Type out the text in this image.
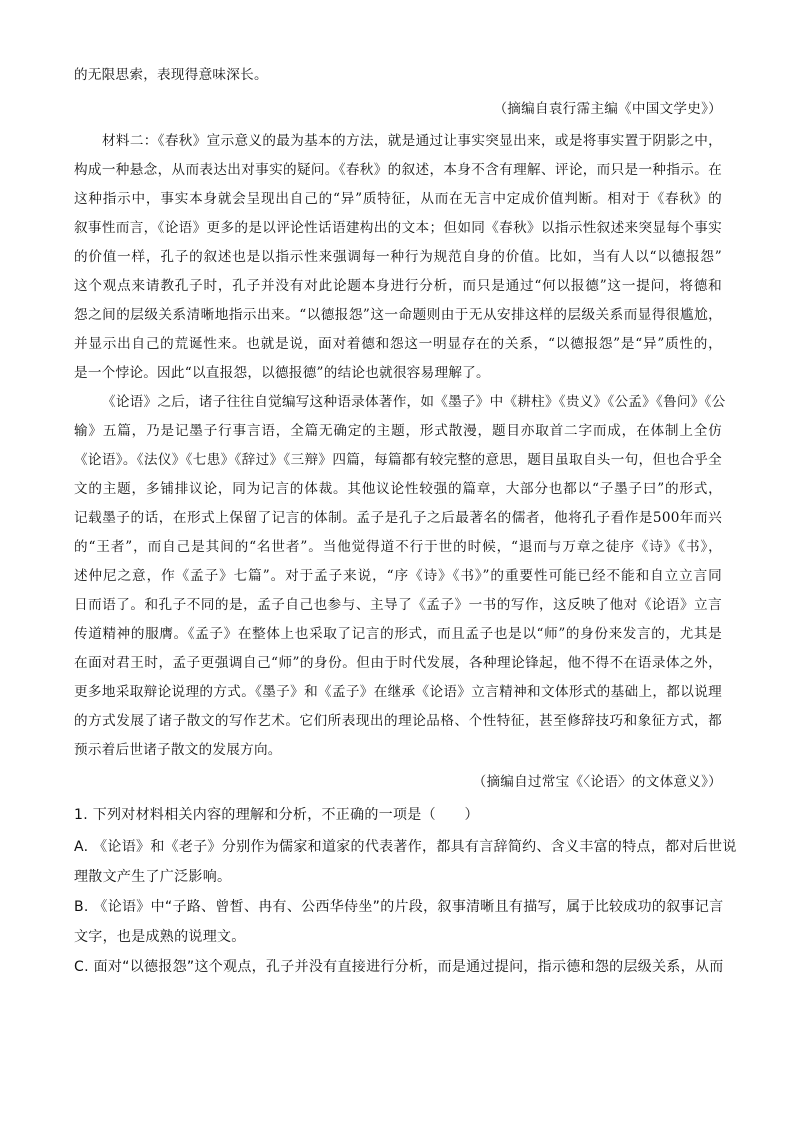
的无限思索，表现得意味深长。
（摘编自袁行霈主编《中国文学史》）
材料二：《春秋》宣示意义的最为基本的方法，就是通过让事实突显出来，或是将事实置于阴影之中，
构成一种悬念，从而表达出对事实的疑问。《春秋》的叙述，本身不含有理解、评论，而只是一种指示。在
这种指示中，事实本身就会呈现出自己的“异”质特征，从而在无言中定成价值判断。相对于《春秋》的
叙事性而言，《论语》更多的是以评论性话语建构出的文本；但如同《春秋》以指示性叙述来突显每个事实
的价值一样，孔子的叙述也是以指示性来强调每一种行为规范自身的价值。比如，当有人以“以德报怨”
这个观点来请教孔子时，孔子并没有对此论题本身进行分析，而只是通过“何以报德”这一提问，将德和
怨之间的层级关系清晰地指示出来。“以德报怨”这一命题则由于无从安排这样的层级关系而显得很尴尬，
并显示出自己的荒诞性来。也就是说，面对着德和怨这一明显存在的关系，“以德报怨”是“异”质性的，
是一个悖论。因此“以直报怨，以德报德”的结论也就很容易理解了。
《论语》之后，诸子往往自觉编写这种语录体著作，如《墨子》中《耕柱》《贵义》《公孟》《鲁问》《公
输》五篇，乃是记墨子行事言语，全篇无确定的主题，形式散漫，题目亦取首二字而成，在体制上全仿
《论语》。《法仪》《七患》《辞过》《三辩》四篇，每篇都有较完整的意思，题目虽取自头一句，但也合乎全
文的主题，多铺排议论，同为记言的体裁。其他议论性较强的篇章，大部分也都以“子墨子曰”的形式，
记载墨子的话，在形式上保留了记言的体制。孟子是孔子之后最著名的儒者，他将孔子看作是500年而兴
的“王者”，而自己是其间的“名世者”。当他觉得道不行于世的时候，“退而与万章之徒序《诗》《书》，
述仲尼之意，作《孟子》七篇”。对于孟子来说，“序《诗》《书》”的重要性可能已经不能和自立立言同
日而语了。和孔子不同的是，孟子自己也参与、主导了《孟子》一书的写作，这反映了他对《论语》立言
传道精神的服膺。《孟子》在整体上也采取了记言的形式，而且孟子也是以“师”的身份来发言的，尤其是
在面对君王时，孟子更强调自己“师”的身份。但由于时代发展，各种理论锋起，他不得不在语录体之外，
更多地采取辩论说理的方式。《墨子》和《孟子》在继承《论语》立言精神和文体形式的基础上，都以说理
的方式发展了诸子散文的写作艺术。它们所表现出的理论品格、个性特征，甚至修辞技巧和象征方式，都
预示着后世诸子散文的发展方向。
（摘编自过常宝《〈论语〉的文体意义》）
1. 下列对材料相关内容的理解和分析，不正确的一项是（　　）
A. 《论语》和《老子》分别作为儒家和道家的代表著作，都具有言辞简约、含义丰富的特点，都对后世说
理散文产生了广泛影响。
B. 《论语》中“子路、曾皙、冉有、公西华侍坐”的片段，叙事清晰且有描写，属于比较成功的叙事记言
文字，也是成熟的说理文。
C. 面对“以德报怨”这个观点，孔子并没有直接进行分析，而是通过提问，指示德和怨的层级关系，从而
